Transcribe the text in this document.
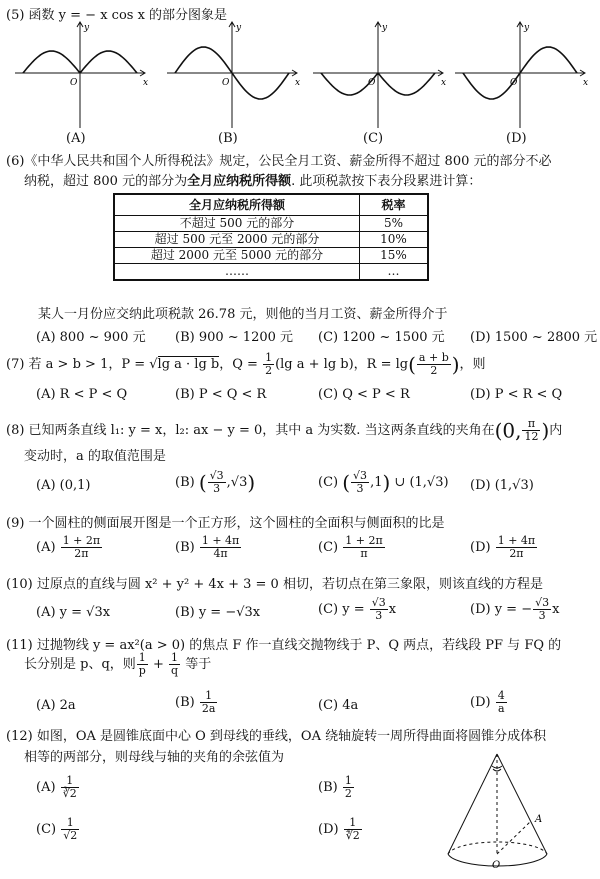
(5) 函数 y = − x cos x 的部分图象是
y
x
O
y
x
O
y
x
O
y
x
O
(A)	(B)	(C)	(D)
(6)《中华人民共和国个人所得税法》规定，公民全月工资、薪金所得不超过 800 元的部分不必
纳税，超过 800 元的部分为全月应纳税所得额. 此项税款按下表分段累进计算：
全月应纳税所得额	税率
不超过 500 元的部分	5%
超过 500 元至 2000 元的部分	10%
超过 2000 元至 5000 元的部分	15%
……	…
某人一月份应交纳此项税款 26.78 元，则他的当月工资、薪金所得介于
(A) 800 ~ 900 元 (B) 900 ~ 1200 元 (C) 1200 ~ 1500 元 (D) 1500 ~ 2800 元
(7) 若 a > b > 1，P = √lg a · lg b，$Q = \frac{1}{2} (\lg$ a + lg b)，$R = \lg( \frac{a + b}{2}$ )，则
(A) R < P < Q	(B) P < Q < R	(C) Q < P < R	(D) P < R < Q
(8) 已知两条直线 l₁: y = x，l₂: ax − y = 0，其中 a 为实数. 当这两条直线的夹角在(0, $\frac{\pi}{12}$ )内
变动时，a 的取值范围是
(A) (0,1)	(B) ( $\frac{√3}{3} ,√3$)	(C) ( $\frac{√3}{3} ,1$) ∪ (1,√3) (D) (1,√3)
(9) 一个圆柱的侧面展开图是一个正方形，这个圆柱的全面积与侧面积的比是
$(A) \frac{1 + 2\pi}{2\pi}$	$(B) \frac{1 + 4\pi}{4\pi}$	$(C) \frac{1 + 2\pi}{\pi}$	$(D) \frac{1 + 4\pi}{2\pi}$
(10) 过原点的直线与圆 x² + y² + 4x + 3 = 0 相切，若切点在第三象限，则该直线的方程是
(A) y = √3x	(B) y = −√3x	(C) $y = \frac{√3}{3}$ x	(D) y = − $\frac{√3}{3}$ x
(11) 过抛物线 y = ax²(a > 0) 的焦点 F 作一直线交抛物线于 P、Q 两点，若线段 PF 与 FQ 的
长分别是 p、q，则 $\frac{1}{p} + \frac{1}{q}$ 等于
(A) 2a	$(B) \frac{1}{2a}$	(C) 4a	$(D) \frac{4}{a}$
(12) 如图，OA 是圆锥底面中心 O 到母线的垂线，OA 绕轴旋转一周所得曲面将圆锥分成体积
相等的两部分，则母线与轴的夹角的余弦值为
$(A) \frac{1}{∛2}$	$(B) \frac{1}{2}$
$(C) \frac{1}{√2}$	$(D) \frac{1}{∜2}$	A
O
